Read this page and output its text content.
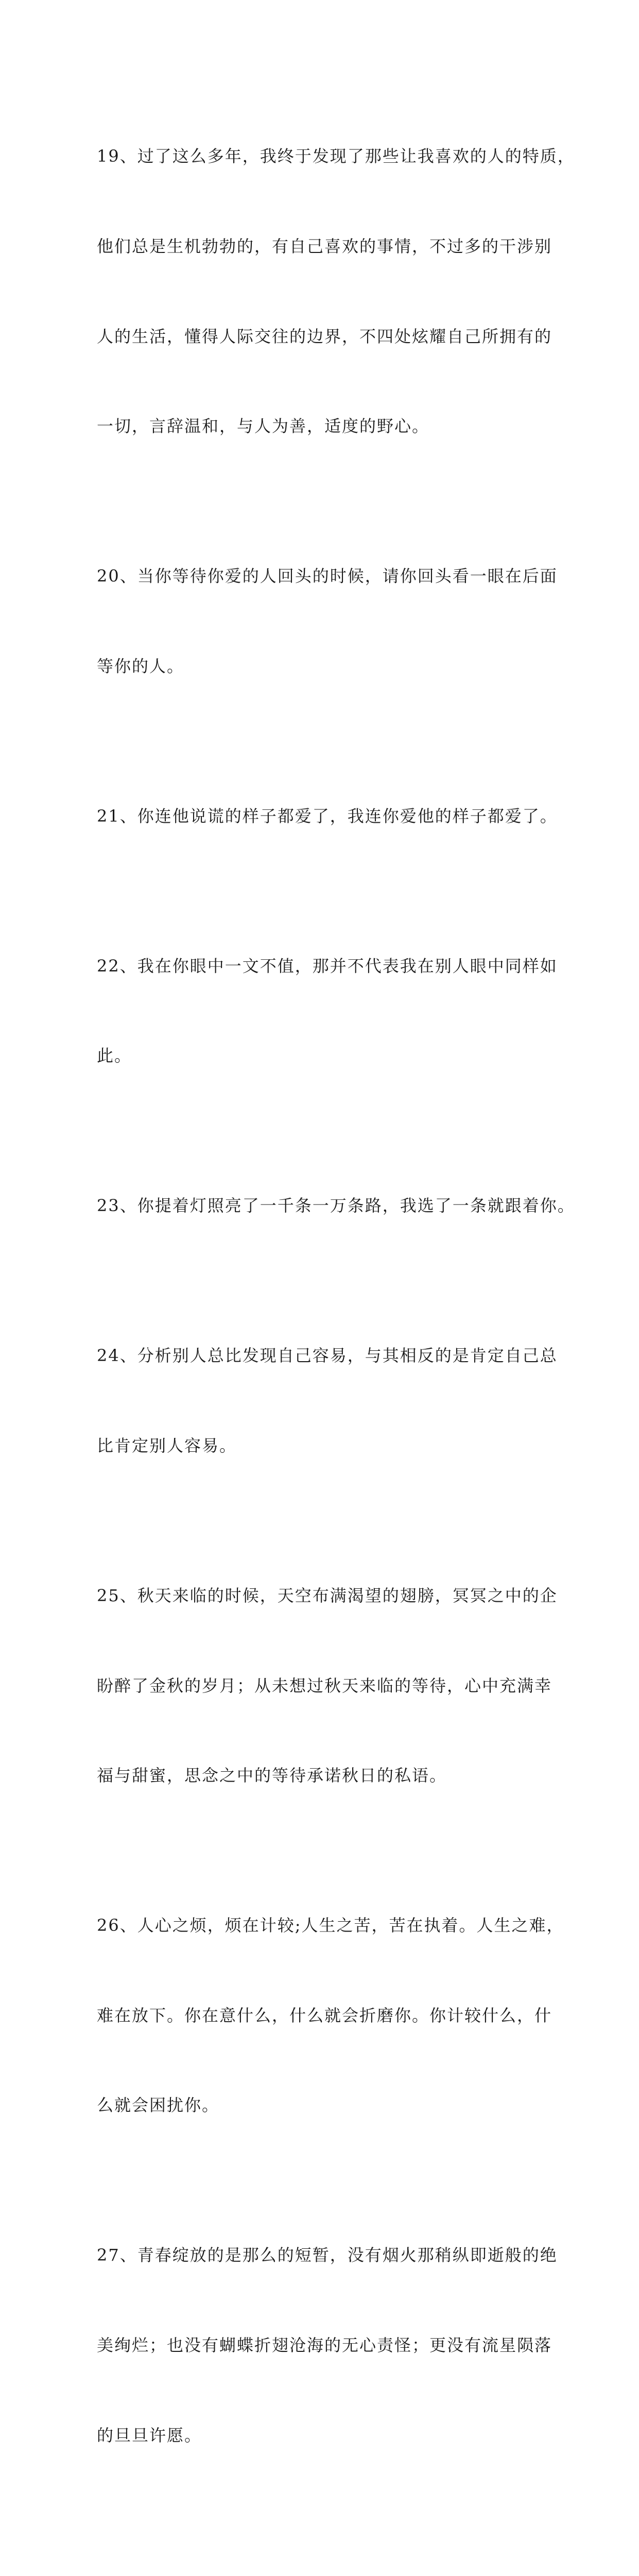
19、过了这么多年，我终于发现了那些让我喜欢的人的特质，

他们总是生机勃勃的，有自己喜欢的事情，不过多的干涉别

人的生活，懂得人际交往的边界，不四处炫耀自己所拥有的

一切，言辞温和，与人为善，适度的野心。

20、当你等待你爱的人回头的时候，请你回头看一眼在后面

等你的人。

21、你连他说谎的样子都爱了，我连你爱他的样子都爱了。

22、我在你眼中一文不值，那并不代表我在别人眼中同样如

此。

23、你提着灯照亮了一千条一万条路，我选了一条就跟着你。

24、分析别人总比发现自己容易，与其相反的是肯定自己总

比肯定别人容易。

25、秋天来临的时候，天空布满渴望的翅膀，冥冥之中的企

盼醉了金秋的岁月；从未想过秋天来临的等待，心中充满幸

福与甜蜜，思念之中的等待承诺秋日的私语。

26、人心之烦，烦在计较;人生之苦，苦在执着。人生之难，

难在放下。你在意什么，什么就会折磨你。你计较什么，什

么就会困扰你。

27、青春绽放的是那么的短暂，没有烟火那稍纵即逝般的绝

美绚烂；也没有蝴蝶折翅沧海的无心责怪；更没有流星陨落

的旦旦许愿。
